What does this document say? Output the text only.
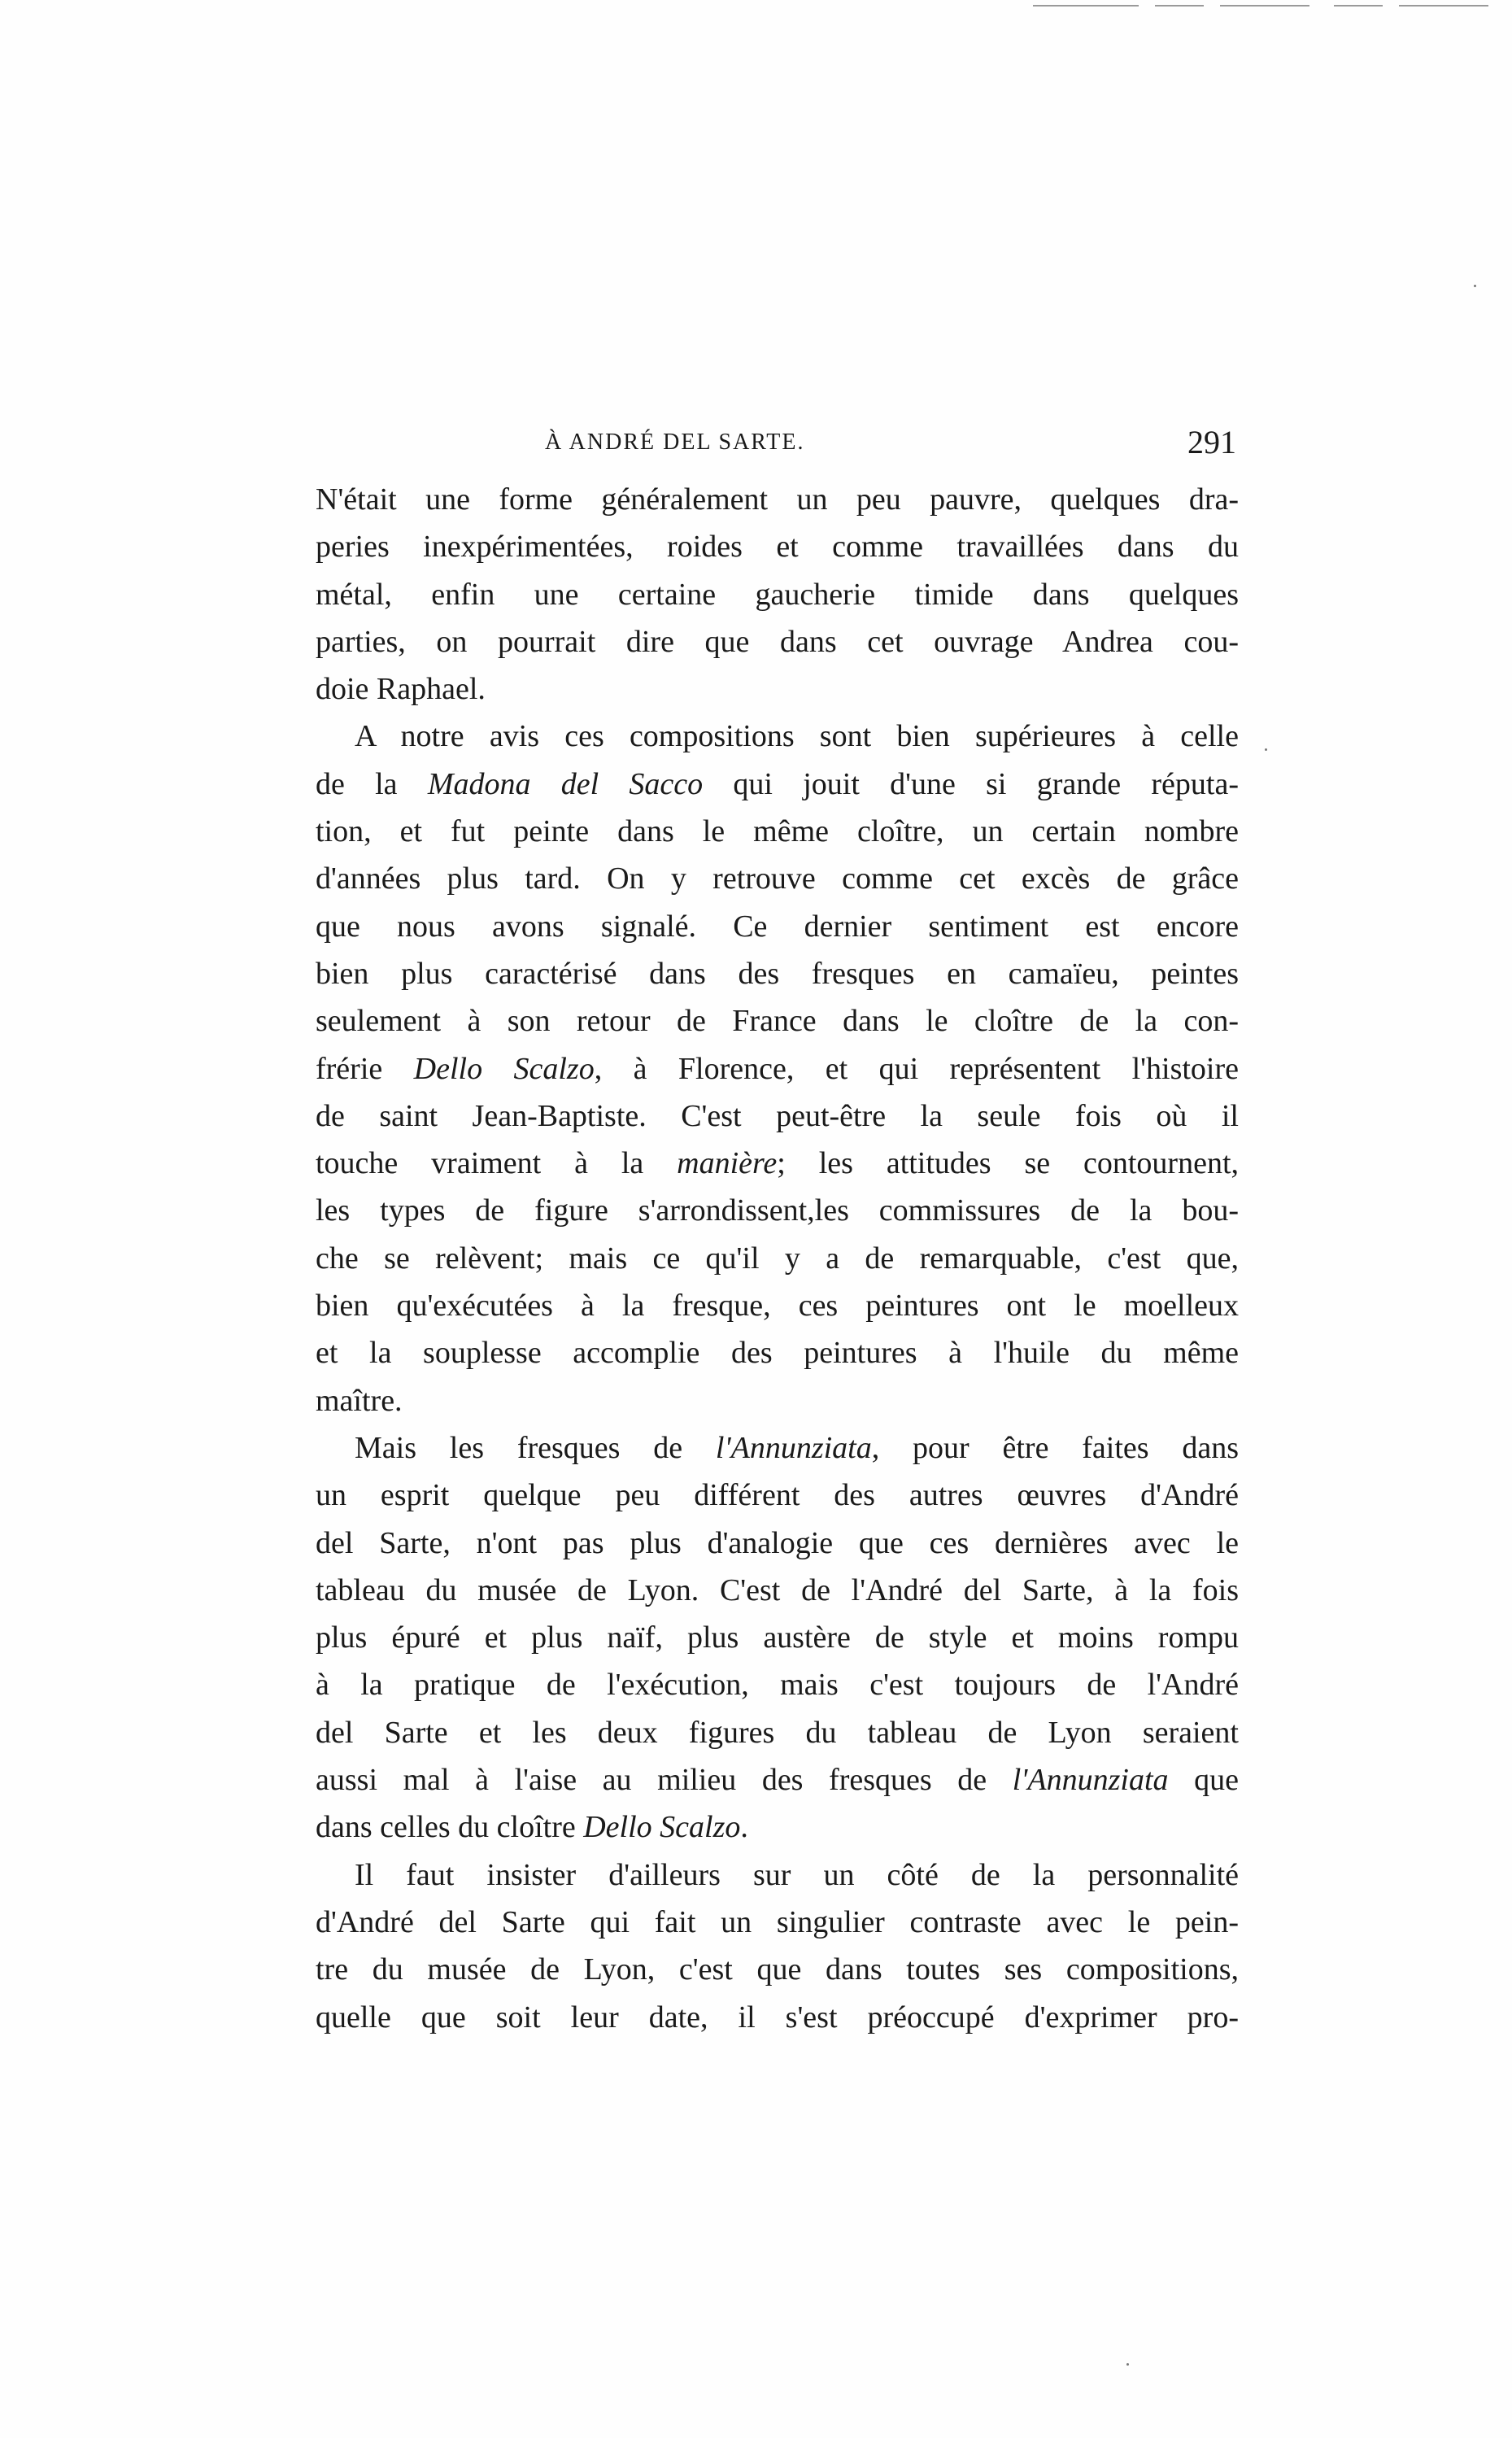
À ANDRÉ DEL SARTE.	291
N'était une forme généralement un peu pauvre, quelques dra-
peries inexpérimentées, roides et comme travaillées dans du
métal, enfin une certaine gaucherie timide dans quelques
parties, on pourrait dire que dans cet ouvrage Andrea cou-
doie Raphael.
A notre avis ces compositions sont bien supérieures à celle
de la Madona del Sacco qui jouit d'une si grande réputa-
tion, et fut peinte dans le même cloître, un certain nombre
d'années plus tard. On y retrouve comme cet excès de grâce
que nous avons signalé. Ce dernier sentiment est encore
bien plus caractérisé dans des fresques en camaïeu, peintes
seulement à son retour de France dans le cloître de la con-
frérie Dello Scalzo, à Florence, et qui représentent l'histoire
de saint Jean-Baptiste. C'est peut-être la seule fois où il
touche vraiment à la manière; les attitudes se contournent,
les types de figure s'arrondissent,les commissures de la bou-
che se relèvent; mais ce qu'il y a de remarquable, c'est que,
bien qu'exécutées à la fresque, ces peintures ont le moelleux
et la souplesse accomplie des peintures à l'huile du même
maître.
Mais les fresques de l'Annunziata, pour être faites dans
un esprit quelque peu différent des autres œuvres d'André
del Sarte, n'ont pas plus d'analogie que ces dernières avec le
tableau du musée de Lyon. C'est de l'André del Sarte, à la fois
plus épuré et plus naïf, plus austère de style et moins rompu
à la pratique de l'exécution, mais c'est toujours de l'André
del Sarte et les deux figures du tableau de Lyon seraient
aussi mal à l'aise au milieu des fresques de l'Annunziata que
dans celles du cloître Dello Scalzo.
Il faut insister d'ailleurs sur un côté de la personnalité
d'André del Sarte qui fait un singulier contraste avec le pein-
tre du musée de Lyon, c'est que dans toutes ses compositions,
quelle que soit leur date, il s'est préoccupé d'exprimer pro-
